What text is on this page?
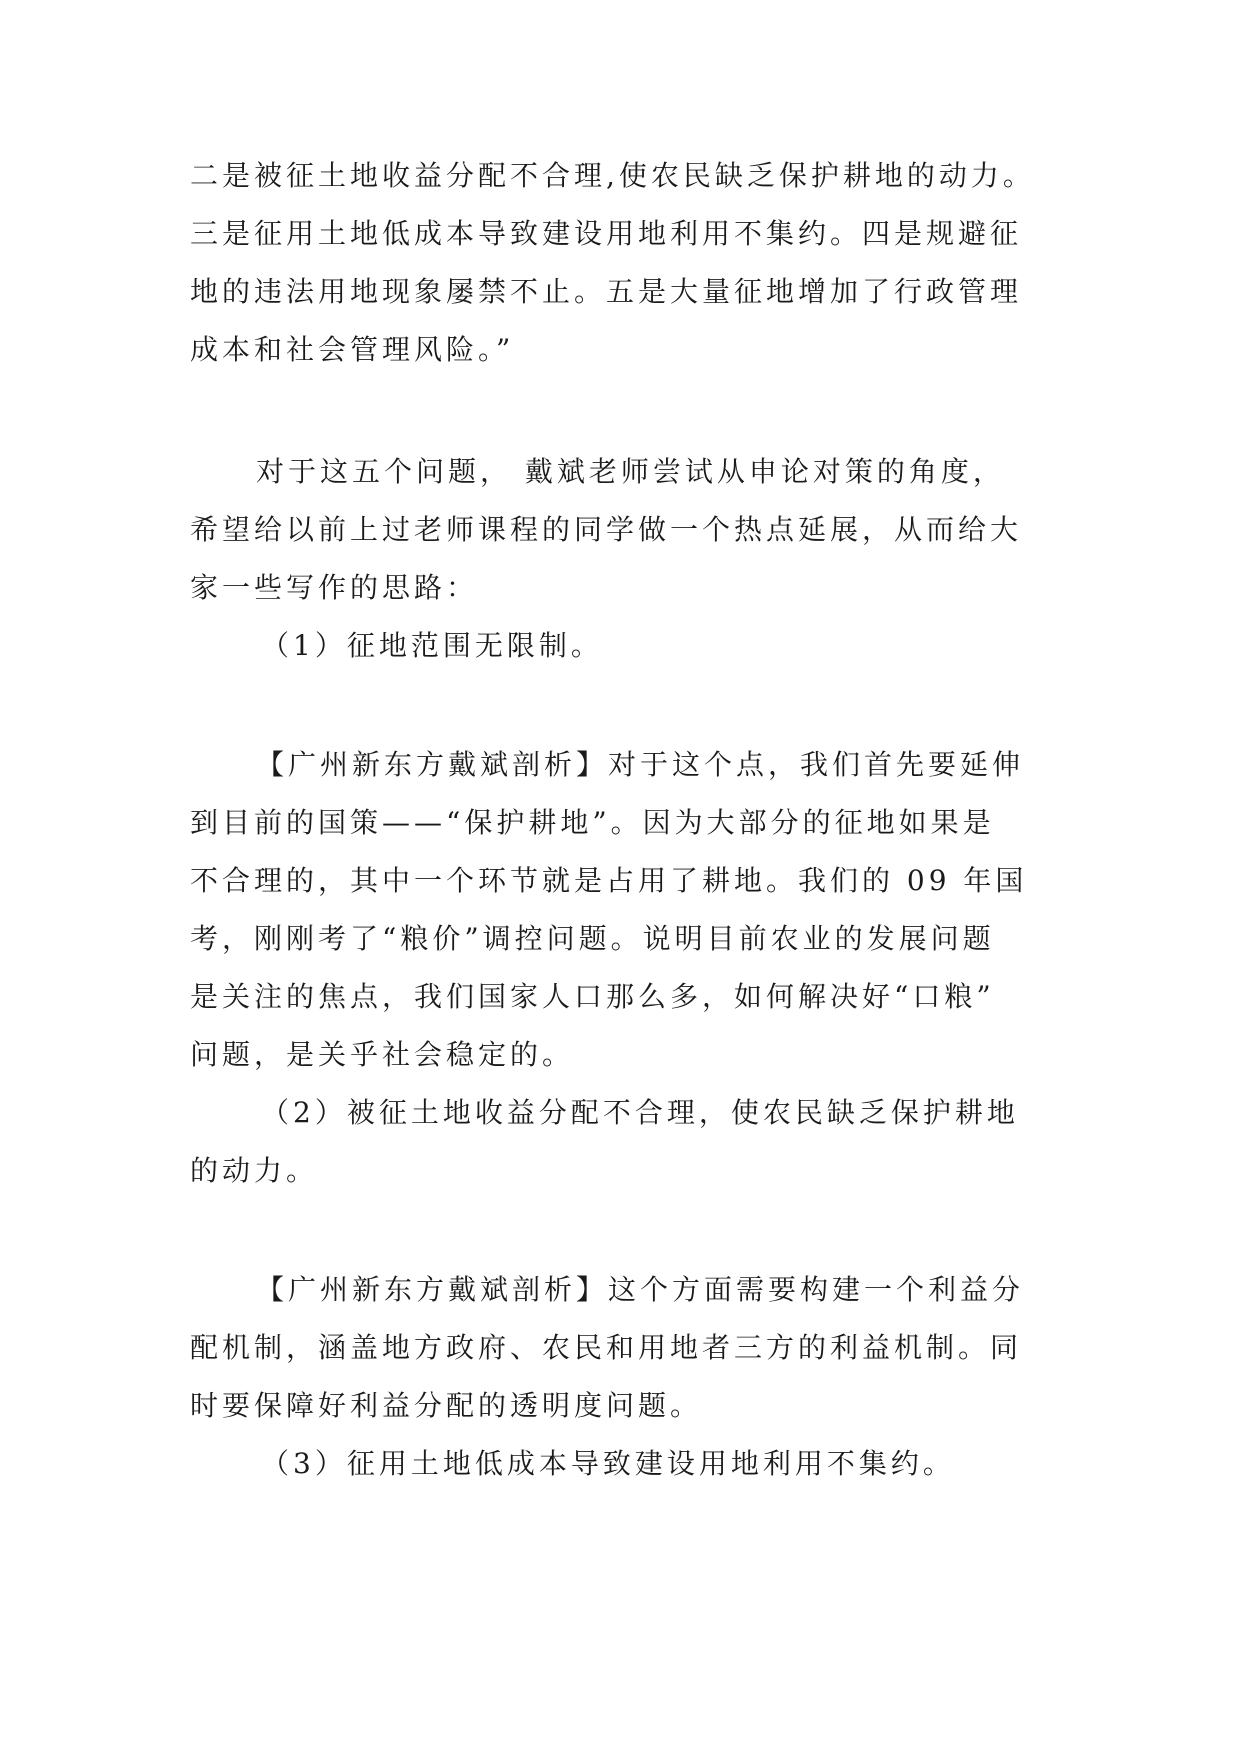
二是被征土地收益分配不合理,使农民缺乏保护耕地的动力。
三是征用土地低成本导致建设用地利用不集约。四是规避征
地的违法用地现象屡禁不止。五是大量征地增加了行政管理
成本和社会管理风险。”
对于这五个问题， 戴斌老师尝试从申论对策的角度，
希望给以前上过老师课程的同学做一个热点延展，从而给大
家一些写作的思路：
（1）征地范围无限制。
【广州新东方戴斌剖析】对于这个点，我们首先要延伸
到目前的国策——“保护耕地”。因为大部分的征地如果是
不合理的，其中一个环节就是占用了耕地。我们的 09 年国
考，刚刚考了“粮价”调控问题。说明目前农业的发展问题
是关注的焦点，我们国家人口那么多，如何解决好“口粮”
问题，是关乎社会稳定的。
（2）被征土地收益分配不合理，使农民缺乏保护耕地
的动力。
【广州新东方戴斌剖析】这个方面需要构建一个利益分
配机制，涵盖地方政府、农民和用地者三方的利益机制。同
时要保障好利益分配的透明度问题。
（3）征用土地低成本导致建设用地利用不集约。
